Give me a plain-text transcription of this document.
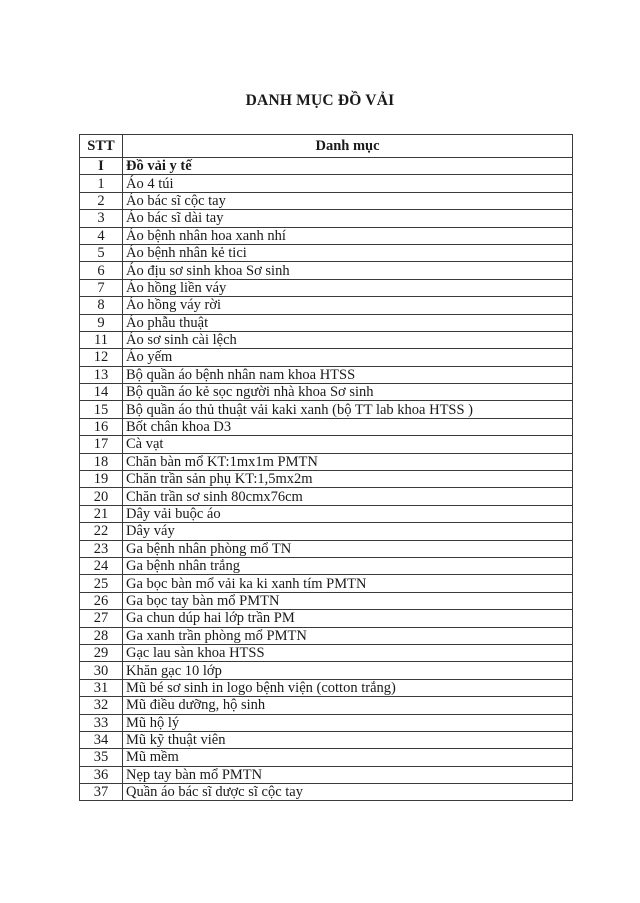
DANH MỤC ĐỒ VẢI
STT	Danh mục
I	Đồ vải y tế
1	Áo 4 túi
2	Áo bác sĩ cộc tay
3	Áo bác sĩ dài tay
4	Áo bệnh nhân hoa xanh nhí
5	Áo bệnh nhân kẻ tici
6	Áo địu sơ sinh khoa Sơ sinh
7	Áo hồng liền váy
8	Áo hồng váy rời
9	Áo phẫu thuật
11	Áo sơ sinh cài lệch
12	Áo yếm
13	Bộ quần áo bệnh nhân nam khoa HTSS
14	Bộ quần áo kẻ sọc người nhà khoa Sơ sinh
15	Bộ quần áo thủ thuật vải kaki xanh (bộ TT lab khoa HTSS )
16	Bốt chân khoa D3
17	Cà vạt
18	Chăn bàn mổ KT:1mx1m PMTN
19	Chăn trần sản phụ KT:1,5mx2m
20	Chăn trần sơ sinh 80cmx76cm
21	Dây vải buộc áo
22	Dây váy
23	Ga bệnh nhân phòng mổ TN
24	Ga bệnh nhân trắng
25	Ga bọc bàn mổ vải ka ki xanh tím PMTN
26	Ga bọc tay bàn mổ PMTN
27	Ga chun dúp hai lớp trần PM
28	Ga xanh trần phòng mổ PMTN
29	Gạc lau sàn khoa HTSS
30	Khăn gạc 10 lớp
31	Mũ bé sơ sinh in logo bệnh viện (cotton trắng)
32	Mũ điều dưỡng, hộ sinh
33	Mũ hộ lý
34	Mũ kỹ thuật viên
35	Mũ mềm
36	Nẹp tay bàn mổ PMTN
37	Quần áo bác sĩ dược sĩ cộc tay
